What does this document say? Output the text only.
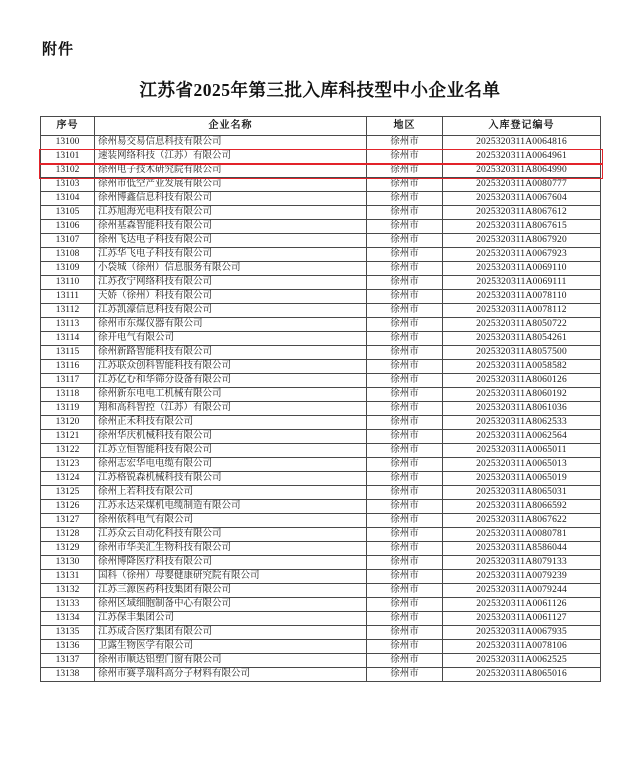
附件
江苏省2025年第三批入库科技型中小企业名单
序号	企业名称	地区	入库登记编号
13100	徐州易交易信息科技有限公司	徐州市	2025320311A0064816
13101	速装网络科技（江苏）有限公司	徐州市	2025320311A0064961
13102	徐州电子技术研究院有限公司	徐州市	2025320311A8064990
13103	徐州市低空产业发展有限公司	徐州市	2025320311A0080777
13104	徐州博鑫信息科技有限公司	徐州市	2025320311A0067604
13105	江苏旭海光电科技有限公司	徐州市	2025320311A8067612
13106	徐州基森智能科技有限公司	徐州市	2025320311A8067615
13107	徐州飞达电子科技有限公司	徐州市	2025320311A8067920
13108	江苏华飞电子科技有限公司	徐州市	2025320311A0067923
13109	小袋城（徐州）信息服务有限公司	徐州市	2025320311A0069110
13110	江苏孜宁网络科技有限公司	徐州市	2025320311A0069111
13111	天娇（徐州）科技有限公司	徐州市	2025320311A0078110
13112	江苏凯濠信息科技有限公司	徐州市	2025320311A0078112
13113	徐州市东煤仪器有限公司	徐州市	2025320311A8050722
13114	徐开电气有限公司	徐州市	2025320311A8054261
13115	徐州新路智能科技有限公司	徐州市	2025320311A8057500
13116	江苏联众创科智能科技有限公司	徐州市	2025320311A0058582
13117	江苏亿む和华筛分设备有限公司	徐州市	2025320311A8060126
13118	徐州新东电电工机械有限公司	徐州市	2025320311A8060192
13119	翔和高科智控（江苏）有限公司	徐州市	2025320311A8061036
13120	徐州正禾科技有限公司	徐州市	2025320311A8062533
13121	徐州华庆机械科技有限公司	徐州市	2025320311A0062564
13122	江苏立恒智能科技有限公司	徐州市	2025320311A0065011
13123	徐州志宏华电电缆有限公司	徐州市	2025320311A0065013
13124	江苏格锐森机械科技有限公司	徐州市	2025320311A0065019
13125	徐州上若科技有限公司	徐州市	2025320311A8065031
13126	江苏永达采煤机电缆制造有限公司	徐州市	2025320311A8066592
13127	徐州依科电气有限公司	徐州市	2025320311A8067622
13128	江苏众云自动化科技有限公司	徐州市	2025320311A0080781
13129	徐州市华美汇生物科技有限公司	徐州市	2025320311A8586044
13130	徐州博降医疗科技有限公司	徐州市	2025320311A8079133
13131	国科（徐州）母婴健康研究院有限公司	徐州市	2025320311A0079239
13132	江苏三源医药科技集团有限公司	徐州市	2025320311A0079244
13133	徐州区域细胞制备中心有限公司	徐州市	2025320311A0061126
13134	江苏保丰集团公司	徐州市	2025320311A0061127
13135	江苏成合医疗集团有限公司	徐州市	2025320311A0067935
13136	卫露生物医学有限公司	徐州市	2025320311A0078106
13137	徐州市顺达铝塑门窗有限公司	徐州市	2025320311A0062525
13138	徐州市赛孚瑞科高分子材料有限公司	徐州市	2025320311A8065016
